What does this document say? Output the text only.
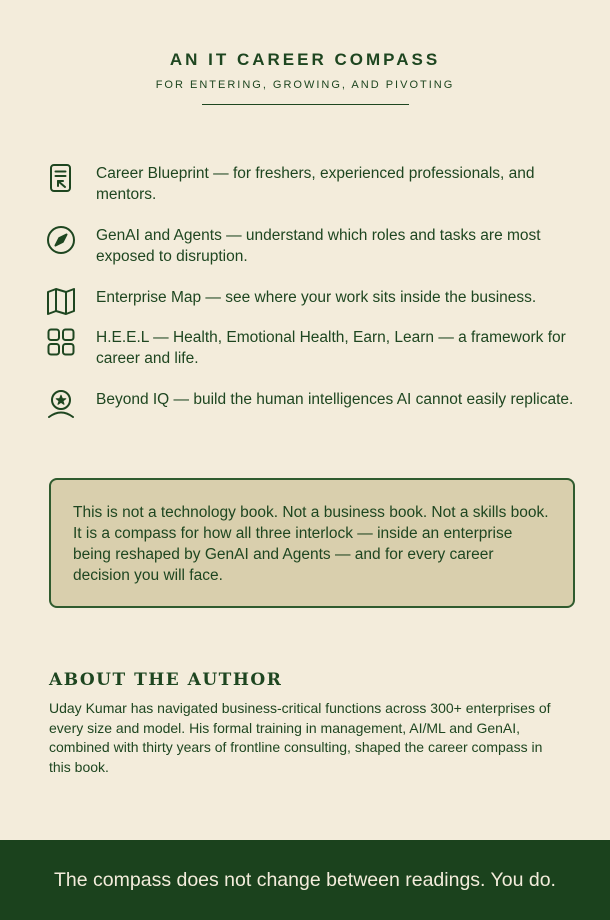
AN IT CAREER COMPASS
FOR ENTERING, GROWING, AND PIVOTING
Career Blueprint — for freshers, experienced professionals, and mentors.
GenAI and Agents — understand which roles and tasks are most exposed to disruption.
Enterprise Map — see where your work sits inside the business.
H.E.E.L — Health, Emotional Health, Earn, Learn — a framework for career and life.
Beyond IQ — build the human intelligences AI cannot easily replicate.
This is not a technology book. Not a business book. Not a skills book. It is a compass for how all three interlock — inside an enterprise being reshaped by GenAI and Agents — and for every career decision you will face.
ABOUT THE AUTHOR
Uday Kumar has navigated business-critical functions across 300+ enterprises of every size and model. His formal training in management, AI/ML and GenAI, combined with thirty years of frontline consulting, shaped the career compass in this book.
The compass does not change between readings. You do.
